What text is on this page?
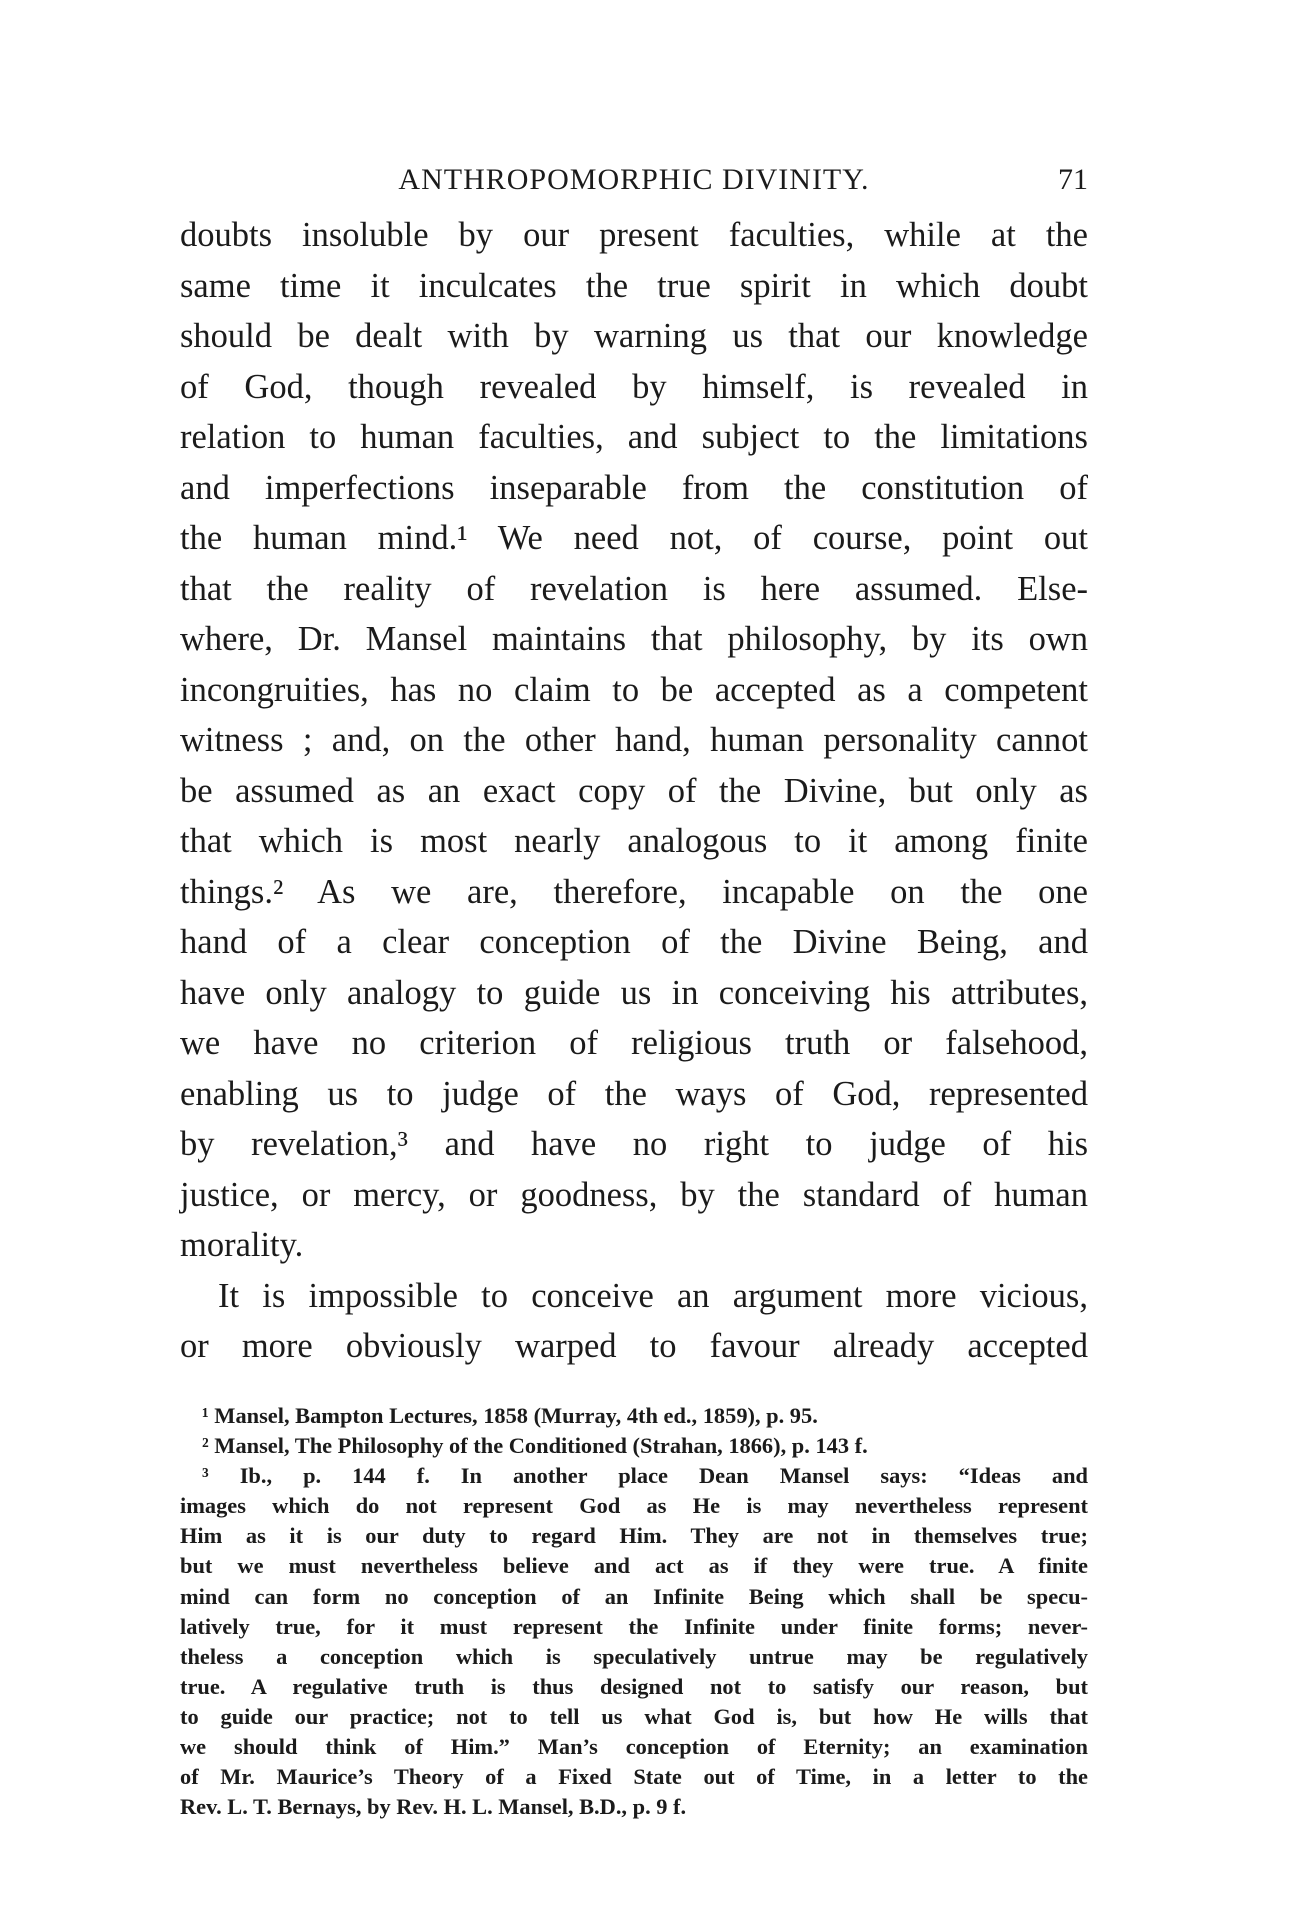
ANTHROPOMORPHIC DIVINITY.	71
doubts insoluble by our present faculties, while at the
same time it inculcates the true spirit in which doubt
should be dealt with by warning us that our knowledge
of God, though revealed by himself, is revealed in
relation to human faculties, and subject to the limitations
and imperfections inseparable from the constitution of
the human mind.¹ We need not, of course, point out
that the reality of revelation is here assumed. Else-
where, Dr. Mansel maintains that philosophy, by its own
incongruities, has no claim to be accepted as a competent
witness ; and, on the other hand, human personality cannot
be assumed as an exact copy of the Divine, but only as
that which is most nearly analogous to it among finite
things.² As we are, therefore, incapable on the one
hand of a clear conception of the Divine Being, and
have only analogy to guide us in conceiving his attributes,
we have no criterion of religious truth or falsehood,
enabling us to judge of the ways of God, represented
by revelation,³ and have no right to judge of his
justice, or mercy, or goodness, by the standard of human
morality.
It is impossible to conceive an argument more vicious,
or more obviously warped to favour already accepted
¹ Mansel, Bampton Lectures, 1858 (Murray, 4th ed., 1859), p. 95.
² Mansel, The Philosophy of the Conditioned (Strahan, 1866), p. 143 f.
³ Ib., p. 144 f. In another place Dean Mansel says: “Ideas and
images which do not represent God as He is may nevertheless represent
Him as it is our duty to regard Him. They are not in themselves true;
but we must nevertheless believe and act as if they were true. A finite
mind can form no conception of an Infinite Being which shall be specu-
latively true, for it must represent the Infinite under finite forms; never-
theless a conception which is speculatively untrue may be regulatively
true. A regulative truth is thus designed not to satisfy our reason, but
to guide our practice; not to tell us what God is, but how He wills that
we should think of Him.” Man’s conception of Eternity; an examination
of Mr. Maurice’s Theory of a Fixed State out of Time, in a letter to the
Rev. L. T. Bernays, by Rev. H. L. Mansel, B.D., p. 9 f.
